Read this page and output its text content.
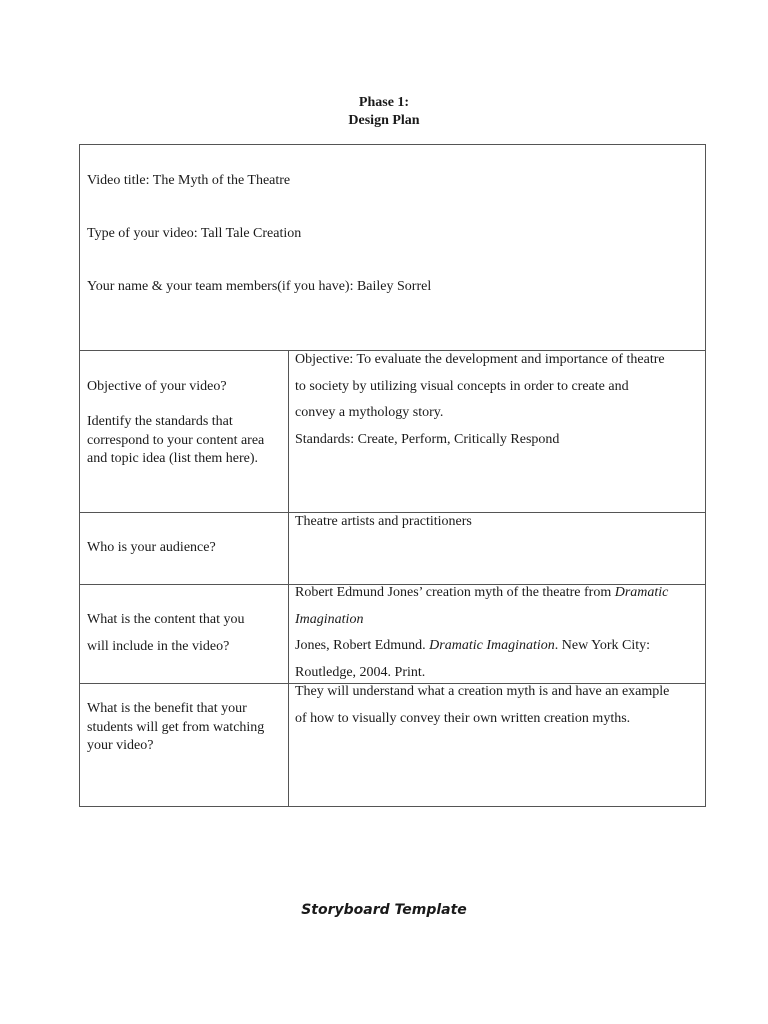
Phase 1:
Design Plan
Video title: The Myth of the Theatre
Type of your video: Tall Tale Creation
Your name & your team members(if you have): Bailey Sorrel
Objective of your video?
Identify the standards that correspond to your content area and topic idea (list them here).
Objective: To evaluate the development and importance of theatre
to society by utilizing visual concepts in order to create and
convey a mythology story.
Standards: Create, Perform, Critically Respond
Who is your audience?
Theatre artists and practitioners
What is the content that you
will include in the video?
Robert Edmund Jones’ creation myth of the theatre from Dramatic
Imagination
Jones, Robert Edmund. Dramatic Imagination. New York City:
Routledge, 2004. Print.
What is the benefit that your students will get from watching your video?
They will understand what a creation myth is and have an example
of how to visually convey their own written creation myths.
Storyboard Template
